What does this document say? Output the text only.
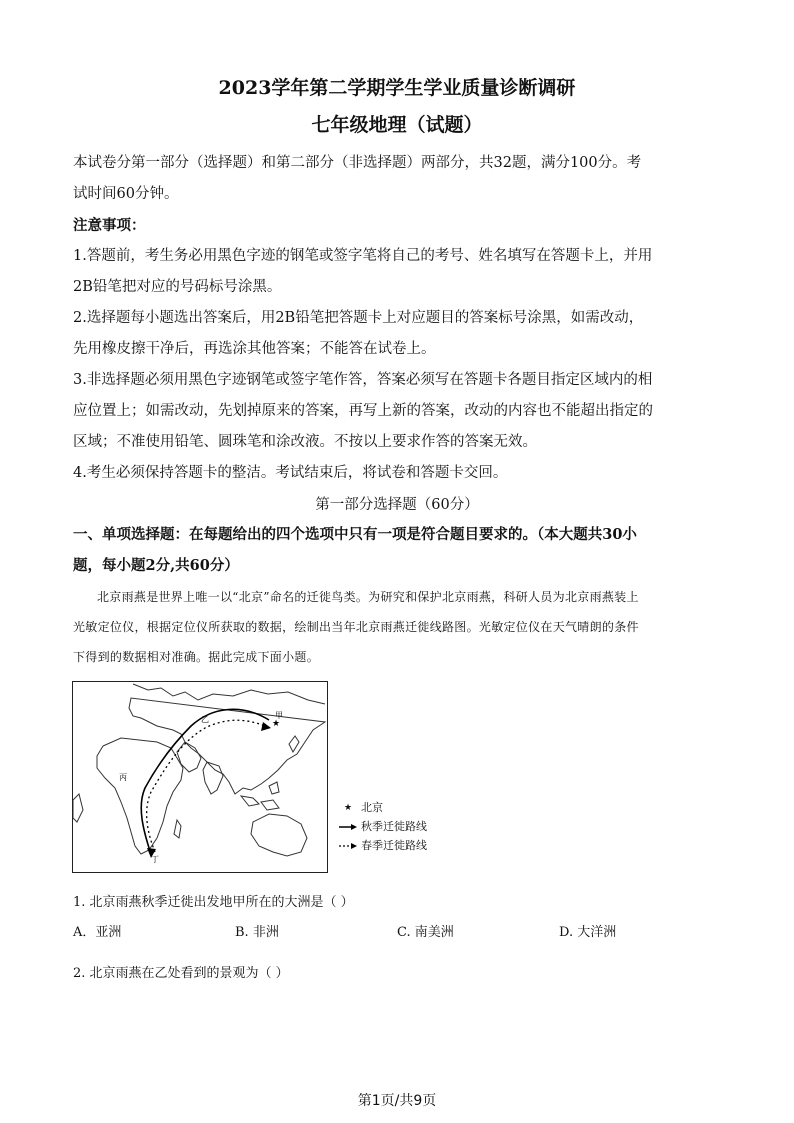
2023学年第二学期学生学业质量诊断调研
七年级地理（试题）
本试卷分第一部分（选择题）和第二部分（非选择题）两部分，共32题，满分100分。考
试时间60分钟。
注意事项：
1.答题前，考生务必用黑色字迹的钢笔或签字笔将自己的考号、姓名填写在答题卡上，并用
2B铅笔把对应的号码标号涂黑。
2.选择题每小题选出答案后，用2B铅笔把答题卡上对应题目的答案标号涂黑，如需改动，
先用橡皮擦干净后，再选涂其他答案；不能答在试卷上。
3.非选择题必须用黑色字迹钢笔或签字笔作答，答案必须写在答题卡各题目指定区域内的相
应位置上；如需改动，先划掉原来的答案，再写上新的答案，改动的内容也不能超出指定的
区域；不准使用铅笔、圆珠笔和涂改液。不按以上要求作答的答案无效。
4.考生必须保持答题卡的整洁。考试结束后，将试卷和答题卡交回。
第一部分选择题（60分）
一、单项选择题：在每题给出的四个选项中只有一项是符合题目要求的。（本大题共30小
题，每小题2分,共60分）
北京雨燕是世界上唯一以“北京”命名的迁徙鸟类。为研究和保护北京雨燕，科研人员为北京雨燕装上
光敏定位仪，根据定位仪所获取的数据，绘制出当年北京雨燕迁徙线路图。光敏定位仪在天气晴朗的条件
下得到的数据相对准确。据此完成下面小题。
★
甲
乙
丙
丁
★ 北京
秋季迁徙路线
春季迁徙路线
1. 北京雨燕秋季迁徙出发地甲所在的大洲是（ ）
A．亚洲	B. 非洲	C. 南美洲	D. 大洋洲
2. 北京雨燕在乙处看到的景观为（ ）
第1页/共9页
